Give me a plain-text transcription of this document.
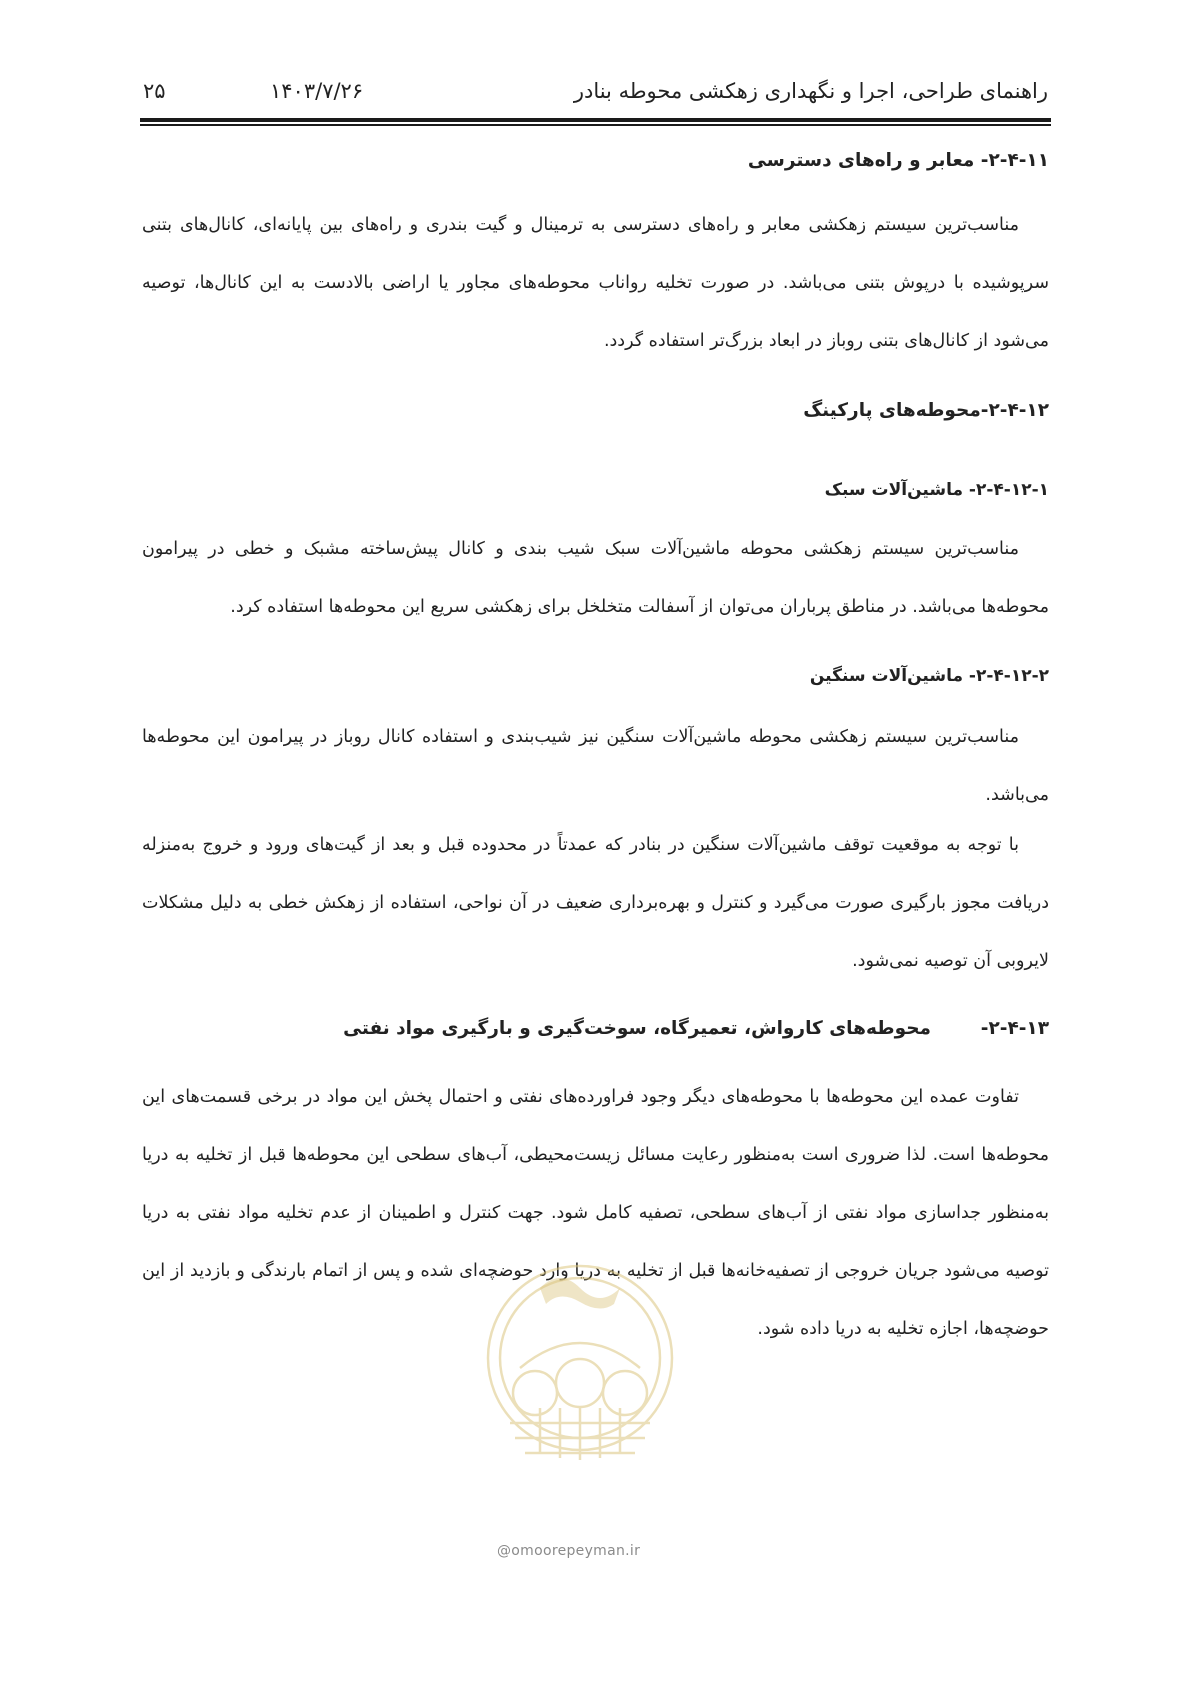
راهنمای طراحی، اجرا و نگهداری زهکشی محوطه بنادر
۱۴۰۳/۷/۲۶
۲۵
۲-۴-۱۱- معابر و راه‌های دسترسی
مناسب‌ترین سیستم زهکشی معابر و راه‌های دسترسی به ترمینال و گیت بندری و راه‌های بین پایانه‌ای، کانال‌های بتنی سرپوشیده با درپوش بتنی می‌باشد. در صورت تخلیه رواناب محوطه‌های مجاور یا اراضی بالادست به این کانال‌ها، توصیه می‌شود از کانال‌های بتنی روباز در ابعاد بزرگ‌تر استفاده گردد.
۲-۴-۱۲-محوطه‌های پارکینگ
۲-۴-۱۲-۱- ماشین‌آلات سبک
مناسب‌ترین سیستم زهکشی محوطه ماشین‌آلات سبک شیب بندی و کانال پیش‌ساخته مشبک و خطی در پیرامون محوطه‌ها می‌باشد. در مناطق پرباران می‌توان از آسفالت متخلخل برای زهکشی سریع این محوطه‌ها استفاده کرد.
۲-۴-۱۲-۲- ماشین‌آلات سنگین
مناسب‌ترین سیستم زهکشی محوطه ماشین‌آلات سنگین نیز شیب‌بندی و استفاده کانال روباز در پیرامون این محوطه‌ها می‌باشد.
با توجه به موقعیت توقف ماشین‌آلات سنگین در بنادر که عمدتاً در محدوده قبل و بعد از گیت‌های ورود و خروج به‌منزله دریافت مجوز بارگیری صورت می‌گیرد و کنترل و بهره‌برداری ضعیف در آن نواحی، استفاده از زهکش خطی به دلیل مشکلات لایروبی آن توصیه نمی‌شود.
۲-۴-۱۳-
محوطه‌های کارواش، تعمیرگاه، سوخت‌گیری و بارگیری مواد نفتی
تفاوت عمده این محوطه‌ها با محوطه‌های دیگر وجود فراورده‌های نفتی و احتمال پخش این مواد در برخی قسمت‌های این محوطه‌ها است. لذا ضروری است به‌منظور رعایت مسائل زیست‌محیطی، آب‌های سطحی این محوطه‌ها قبل از تخلیه به دریا به‌منظور جداسازی مواد نفتی از آب‌های سطحی، تصفیه کامل شود. جهت کنترل و اطمینان از عدم تخلیه مواد نفتی به دریا توصیه می‌شود جریان خروجی از تصفیه‌خانه‌ها قبل از تخلیه به دریا وارد حوضچه‌ای شده و پس از اتمام بارندگی و بازدید از این حوضچه‌ها، اجازه تخلیه به دریا داده شود.
@omoorepeyman.ir
